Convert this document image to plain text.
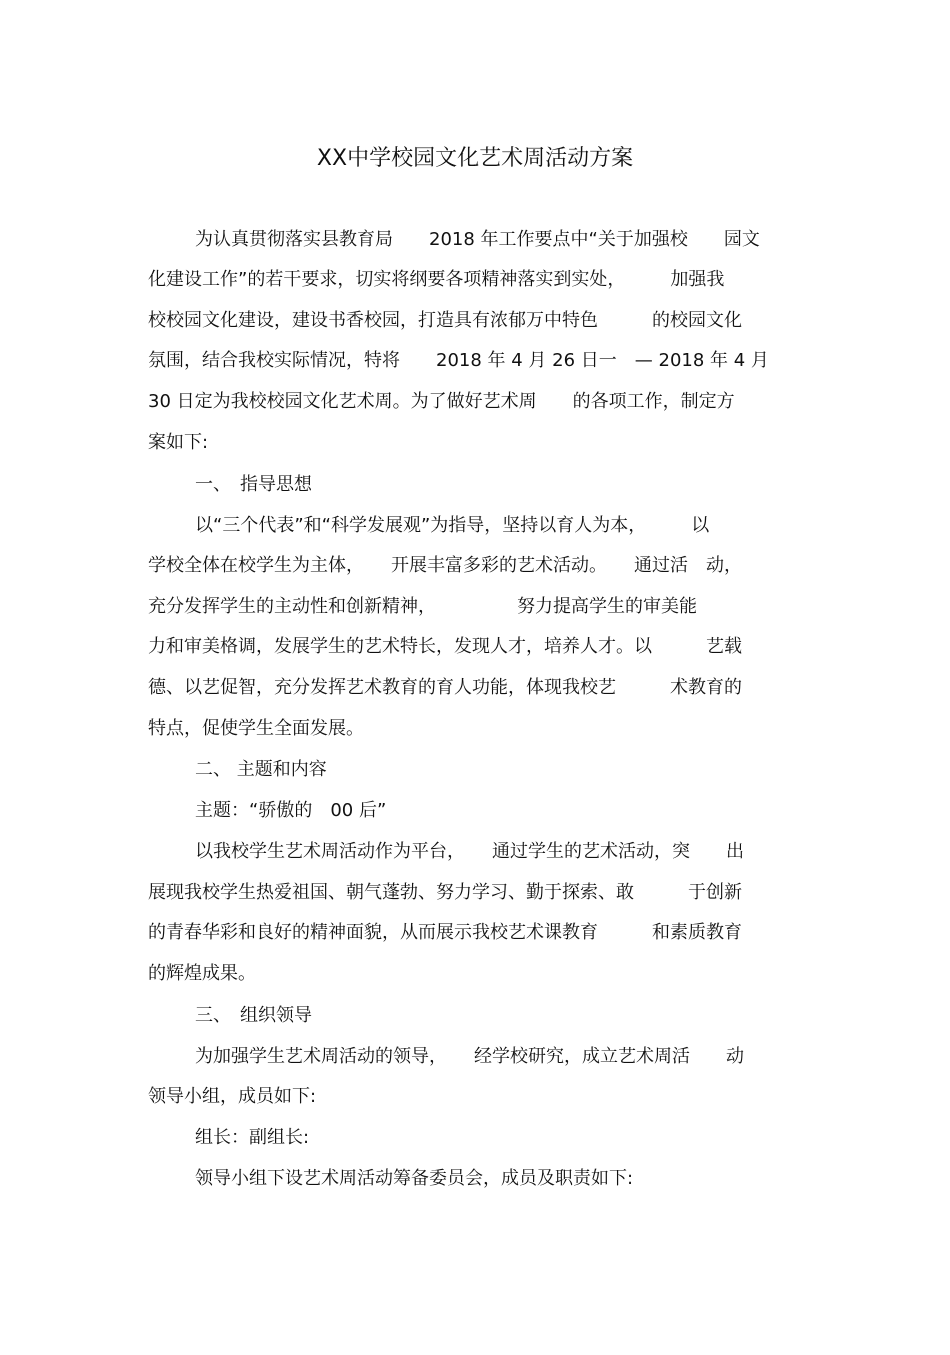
XX中学校园文化艺术周活动方案
为认真贯彻落实县教育局　　2018 年工作要点中“关于加强校　　园文
化建设工作”的若干要求，切实将纲要各项精神落实到实处，　　　加强我
校校园文化建设，建设书香校园，打造具有浓郁万中特色　　　的校园文化
氛围，结合我校实际情况，特将　　2018 年 4 月 26 日一　— 2018 年 4 月
30 日定为我校校园文化艺术周。为了做好艺术周　　的各项工作，制定方
案如下:
一、　指导思想
以“三个代表”和“科学发展观”为指导，坚持以育人为本，　　　以
学校全体在校学生为主体，　　开展丰富多彩的艺术活动。　　通过活　动，
充分发挥学生的主动性和创新精神，　　　　　努力提高学生的审美能
力和审美格调，发展学生的艺术特长，发现人才，培养人才。以　　　艺载
德、以艺促智，充分发挥艺术教育的育人功能，体现我校艺　　　术教育的
特点，促使学生全面发展。
二、 主题和内容
主题：“骄傲的　00 后”
以我校学生艺术周活动作为平台，　　通过学生的艺术活动，突　　出
展现我校学生热爱祖国、朝气蓬勃、努力学习、勤于探索、敢　　　于创新
的青春华彩和良好的精神面貌，从而展示我校艺术课教育　　　和素质教育
的辉煌成果。
三、　组织领导
为加强学生艺术周活动的领导，　　经学校研究，成立艺术周活　　动
领导小组，成员如下:
组长：副组长:
领导小组下设艺术周活动筹备委员会，成员及职责如下:
